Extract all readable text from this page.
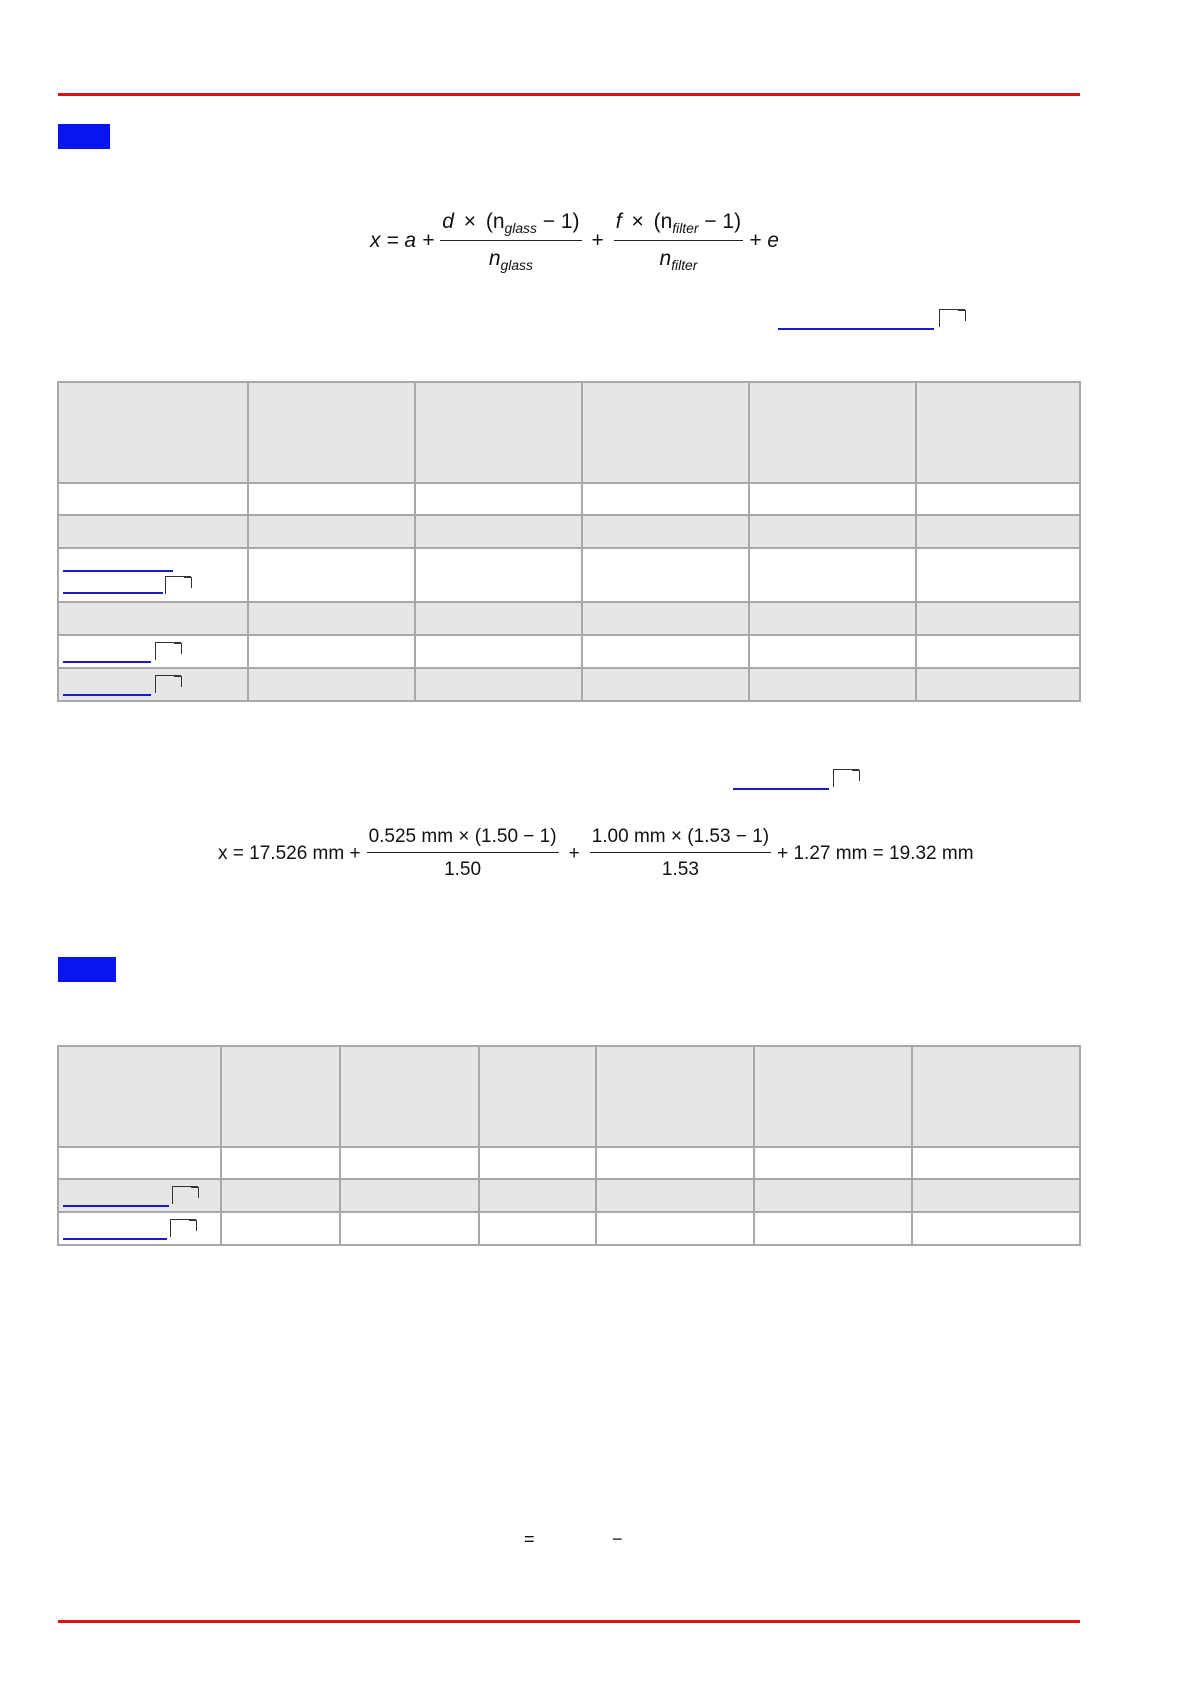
$x = a + \frac{d \times (n_{glass} - 1)}{n_{glass}} + \frac{f \times (n_{filter} - 1)}{n_{filter}} + e$

x = 17.526 mm + $\frac{0.525 mm \times (1.50 - 1)}{1.50} + \frac{1.00 mm \times (1.53 - 1)}{1.53} + 1.27$ mm = 19.32 mm

=	−
